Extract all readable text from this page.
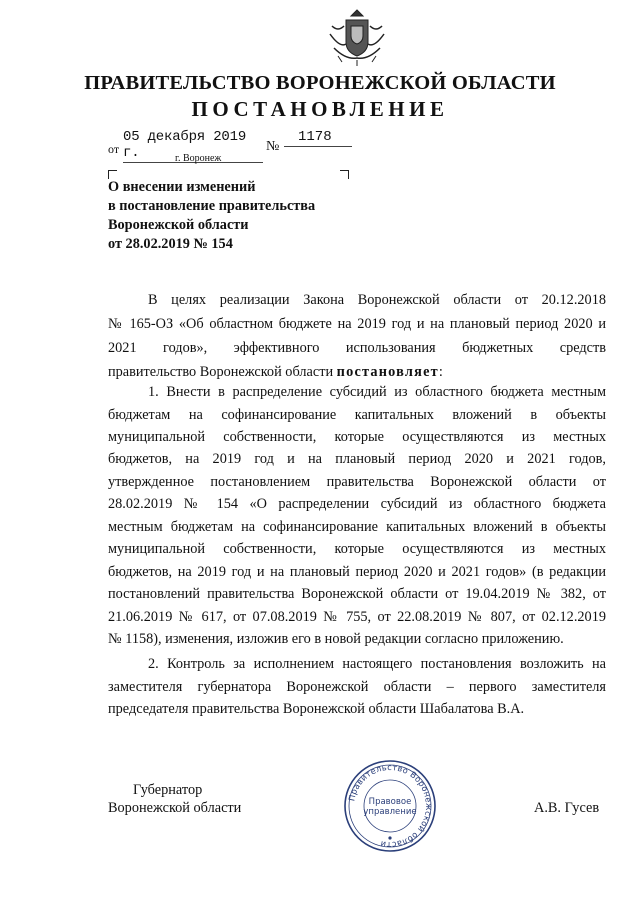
ПРАВИТЕЛЬСТВО ВОРОНЕЖСКОЙ ОБЛАСТИ
ПОСТАНОВЛЕНИЕ
от
05 декабря 2019 г.	№
1178
г. Воронеж
О внесении изменений
в постановление правительства
Воронежской области
от 28.02.2019 № 154
В целях реализации Закона Воронежской области от 20.12.2018
№ 165-ОЗ «Об областном бюджете на 2019 год и на плановый период 2020 и
2021 годов», эффективного использования бюджетных средств
правительство Воронежской области постановляет:
1. Внести в распределение субсидий из областного бюджета местным
бюджетам на софинансирование капитальных вложений в объекты
муниципальной собственности, которые осуществляются из местных
бюджетов, на 2019 год и на плановый период 2020 и 2021 годов,
утвержденное постановлением правительства Воронежской области от
28.02.2019 № 154 «О распределении субсидий из областного бюджета
местным бюджетам на софинансирование капитальных вложений в объекты
муниципальной собственности, которые осуществляются из местных
бюджетов, на 2019 год и на плановый период 2020 и 2021 годов» (в редакции
постановлений правительства Воронежской области от 19.04.2019 № 382, от
21.06.2019 № 617, от 07.08.2019 № 755, от 22.08.2019 № 807, от 02.12.2019
№ 1158), изменения, изложив его в новой редакции согласно приложению.
2. Контроль за исполнением настоящего постановления возложить на
заместителя губернатора Воронежской области – первого заместителя
председателя правительства Воронежской области Шабалатова В.А.
Губернатор
Воронежской области	А.В. Гусев
Правительство Воронежской области
Правовое
управление
